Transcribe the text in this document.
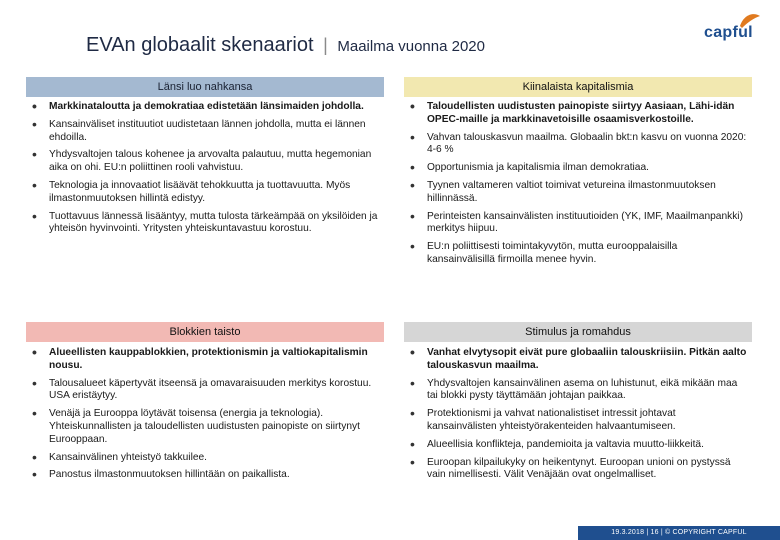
EVAn globaalit skenaariot | Maailma vuonna 2020
capful
Länsi luo nahkansa	Kiinalaista kapitalismia
Blokkien taisto	Stimulus ja romahdus
• Markkinataloutta ja demokratiaa edistetään länsimaiden johdolla.
• Kansainväliset instituutiot uudistetaan lännen johdolla, mutta ei lännen ehdoilla.
• Yhdysvaltojen talous kohenee ja arvovalta palautuu, mutta hegemonian aika on ohi. EU:n poliittinen rooli vahvistuu.
• Teknologia ja innovaatiot lisäävät tehokkuutta ja tuottavuutta. Myös ilmastonmuutoksen hillintä edistyy.
• Tuottavuus lännessä lisääntyy, mutta tulosta tärkeämpää on yksilöiden ja yhteisön hyvinvointi. Yritysten yhteiskuntavastuu korostuu.
• Taloudellisten uudistusten painopiste siirtyy Aasiaan, Lähi-idän OPEC-maille ja markkinavetoisille osaamisverkostoille.
• Vahvan talouskasvun maailma. Globaalin bkt:n kasvu on vuonna 2020: 4-6 %
• Opportunismia ja kapitalismia ilman demokratiaa.
• Tyynen valtameren valtiot toimivat vetureina ilmastonmuutoksen hillinnässä.
• Perinteisten kansainvälisten instituutioiden (YK, IMF, Maailmanpankki) merkitys hiipuu.
• EU:n poliittisesti toimintakyvytön, mutta eurooppalaisilla kansainvälisillä firmoilla menee hyvin.
• Alueellisten kauppablokkien, protektionismin ja valtiokapitalismin nousu.
• Talousalueet käpertyvät itseensä ja omavaraisuuden merkitys korostuu. USA eristäytyy.
• Venäjä ja Eurooppa löytävät toisensa (energia ja teknologia). Yhteiskunnallisten ja taloudellisten uudistusten painopiste on siirtynyt Eurooppaan.
• Kansainvälinen yhteistyö takkuilee.
• Panostus ilmastonmuutoksen hillintään on paikallista.
• Vanhat elvytysopit eivät pure globaaliin talouskriisiin. Pitkän aalto talouskasvun maailma.
• Yhdysvaltojen kansainvälinen asema on luhistunut, eikä mikään maa tai blokki pysty täyttämään johtajan paikkaa.
• Protektionismi ja vahvat nationalistiset intressit johtavat kansainvälisten yhteistyörakenteiden halvaantumiseen.
• Alueellisia konflikteja, pandemioita ja valtavia muutto-liikkeitä.
• Euroopan kilpailukyky on heikentynyt. Euroopan unioni on pystyssä vain nimellisesti. Välit Venäjään ovat ongelmalliset.
19.3.2018 | 16 | © COPYRIGHT CAPFUL
